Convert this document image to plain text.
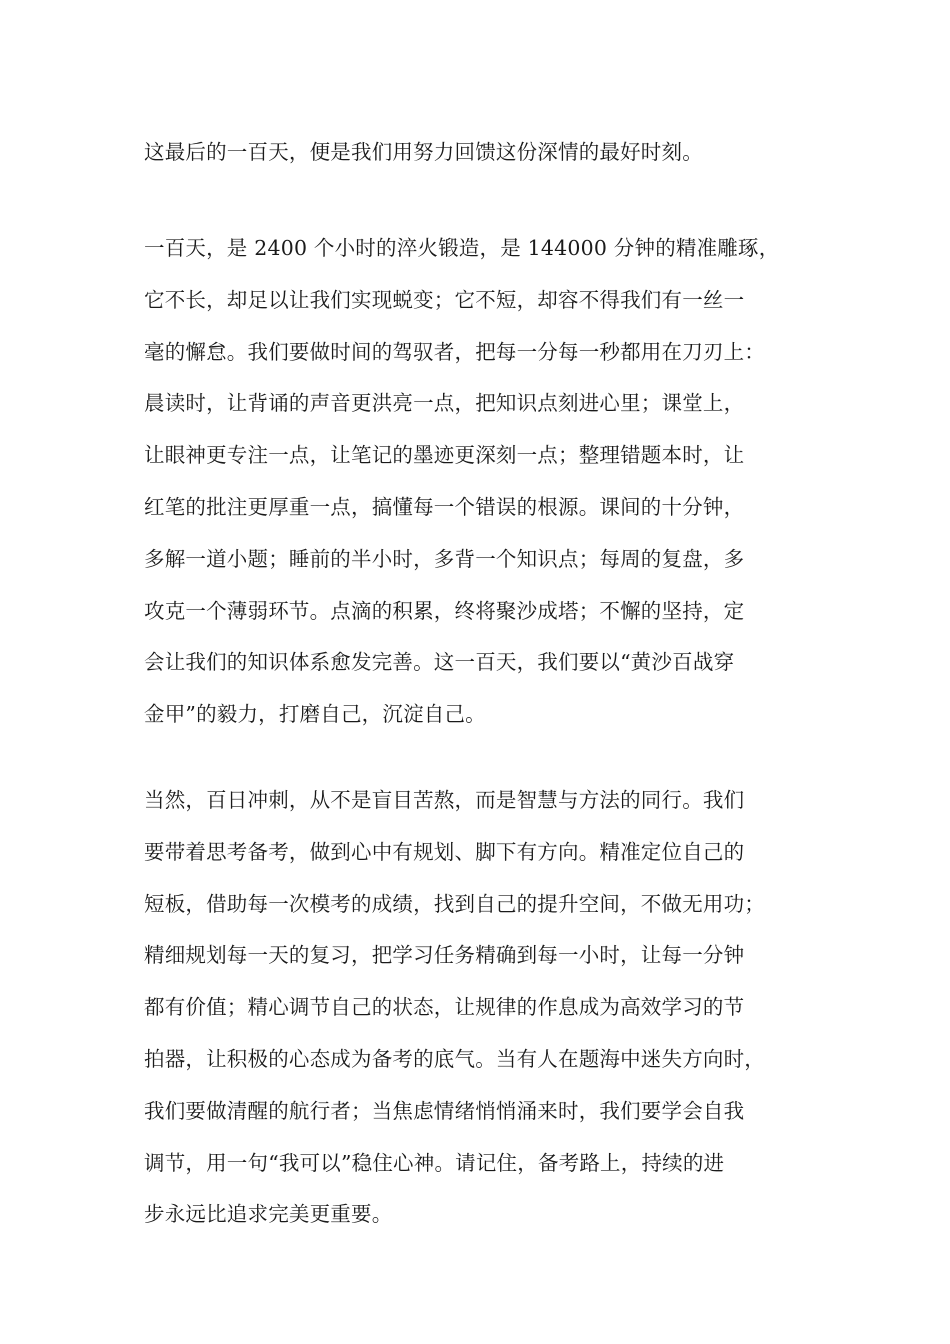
这最后的一百天，便是我们用努力回馈这份深情的最好时刻。
一百天，是 2400 个小时的淬火锻造，是 144000 分钟的精准雕琢，
它不长，却足以让我们实现蜕变；它不短，却容不得我们有一丝一
毫的懈怠。我们要做时间的驾驭者，把每一分每一秒都用在刀刃上：
晨读时，让背诵的声音更洪亮一点，把知识点刻进心里；课堂上，
让眼神更专注一点，让笔记的墨迹更深刻一点；整理错题本时，让
红笔的批注更厚重一点，搞懂每一个错误的根源。课间的十分钟，
多解一道小题；睡前的半小时，多背一个知识点；每周的复盘，多
攻克一个薄弱环节。点滴的积累，终将聚沙成塔；不懈的坚持，定
会让我们的知识体系愈发完善。这一百天，我们要以“黄沙百战穿
金甲”的毅力，打磨自己，沉淀自己。
当然，百日冲刺，从不是盲目苦熬，而是智慧与方法的同行。我们
要带着思考备考，做到心中有规划、脚下有方向。精准定位自己的
短板，借助每一次模考的成绩，找到自己的提升空间，不做无用功；
精细规划每一天的复习，把学习任务精确到每一小时，让每一分钟
都有价值；精心调节自己的状态，让规律的作息成为高效学习的节
拍器，让积极的心态成为备考的底气。当有人在题海中迷失方向时，
我们要做清醒的航行者；当焦虑情绪悄悄涌来时，我们要学会自我
调节，用一句“我可以”稳住心神。请记住，备考路上，持续的进
步永远比追求完美更重要。
